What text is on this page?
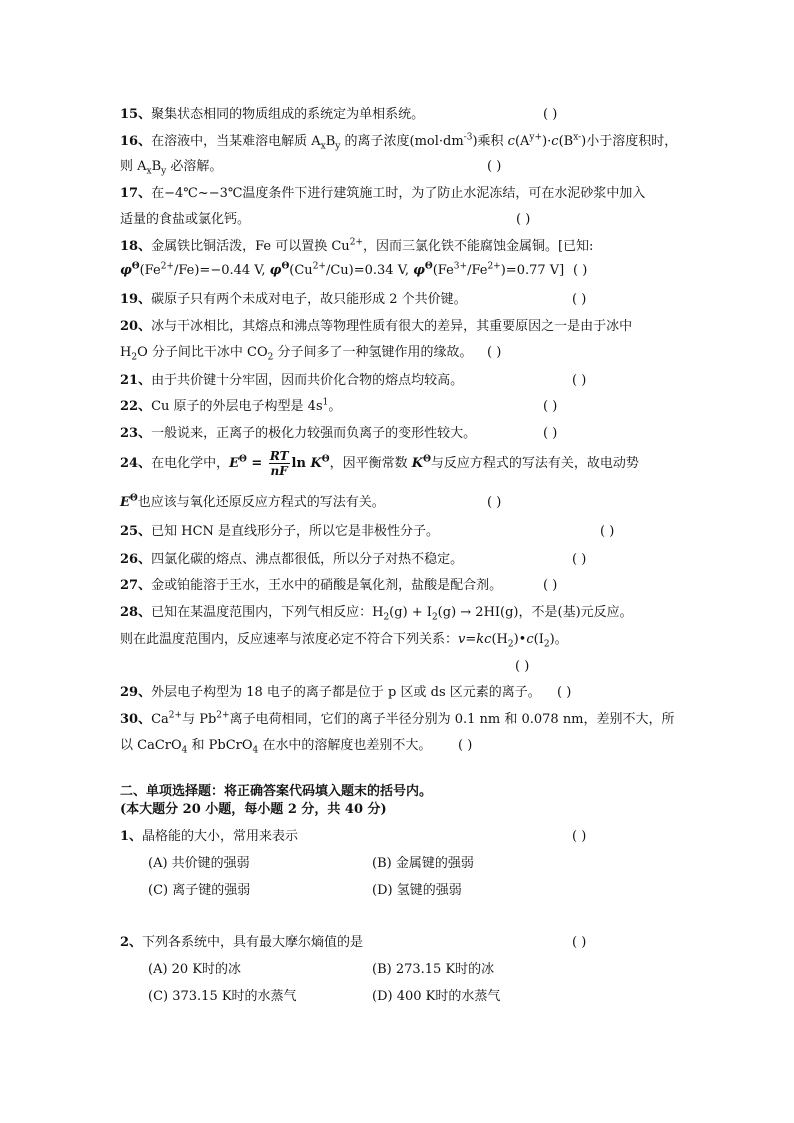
15、聚集状态相同的物质组成的系统定为单相系统。	( )
16、在溶液中，当某难溶电解质 $A_xB_y$ 的离子浓度$(mol\cdot dm^{-3})$乘积 $c(A^{y+})\cdot c(B^{x-})$小于溶度积时，
则 $A_xB_y$ 必溶解。	( )
17、在−4℃~−3℃温度条件下进行建筑施工时，为了防止水泥冻结，可在水泥砂浆中加入
适量的食盐或氯化钙。	( )
18、金属铁比铜活泼，Fe 可以置换 $Cu^{2+}$，因而三氯化铁不能腐蚀金属铜。[已知:
$\varphi^\Theta(Fe^{2+}/Fe)=-0.44$ V, $\varphi^\Theta(Cu^{2+}/Cu)=0.34$ V, $\varphi^\Theta(Fe^{3+}/Fe^{2+})=0.77$ V] ( )
19、碳原子只有两个未成对电子，故只能形成 2 个共价键。	( )
20、冰与干冰相比，其熔点和沸点等物理性质有很大的差异，其重要原因之一是由于冰中
$H_2O$ 分子间比干冰中 $CO_2$ 分子间多了一种氢键作用的缘故。 ( )
21、由于共价键十分牢固，因而共价化合物的熔点均较高。	( )
22、Cu 原子的外层电子构型是 $4s^1$。	( )
23、一般说来，正离子的极化力较强而负离子的变形性较大。	( )
24、在电化学中，$E^\Theta = \frac{RT}{nF}$ $\ln K^\Theta$，因平衡常数 $K^\Theta$与反应方程式的写法有关，故电动势
$E^\Theta$也应该与氧化还原反应方程式的写法有关。	( )
25、已知 HCN 是直线形分子，所以它是非极性分子。	( )
26、四氯化碳的熔点、沸点都很低，所以分子对热不稳定。	( )
27、金或铂能溶于王水，王水中的硝酸是氧化剂，盐酸是配合剂。	( )
28、已知在某温度范围内，下列气相反应：$H_2(g) + I_2(g) \to 2HI(g)$，不是(基)元反应。
则在此温度范围内，反应速率与浓度必定不符合下列关系：$v=kc(H_2)•c(I_2)$。
( )
29、外层电子构型为 18 电子的离子都是位于 p 区或 ds 区元素的离子。 ( )
30、$Ca^{2+}$与 $Pb^{2+}$离子电荷相同，它们的离子半径分别为 0.1 nm 和 0.078 nm，差别不大，所
以 CaCrO$_4$ 和 PbCrO$_4$ 在水中的溶解度也差别不大。 ( )
二、单项选择题：将正确答案代码填入题末的括号内。
(本大题分 20 小题，每小题 2 分，共 40 分)
1、晶格能的大小，常用来表示	( )
(A) 共价键的强弱	(B) 金属键的强弱
(C) 离子键的强弱	(D) 氢键的强弱
2、下列各系统中，具有最大摩尔熵值的是	( )
(A) 20 K时的冰	(B) 273.15 K时的冰
(C) 373.15 K时的水蒸气	(D) 400 K时的水蒸气
